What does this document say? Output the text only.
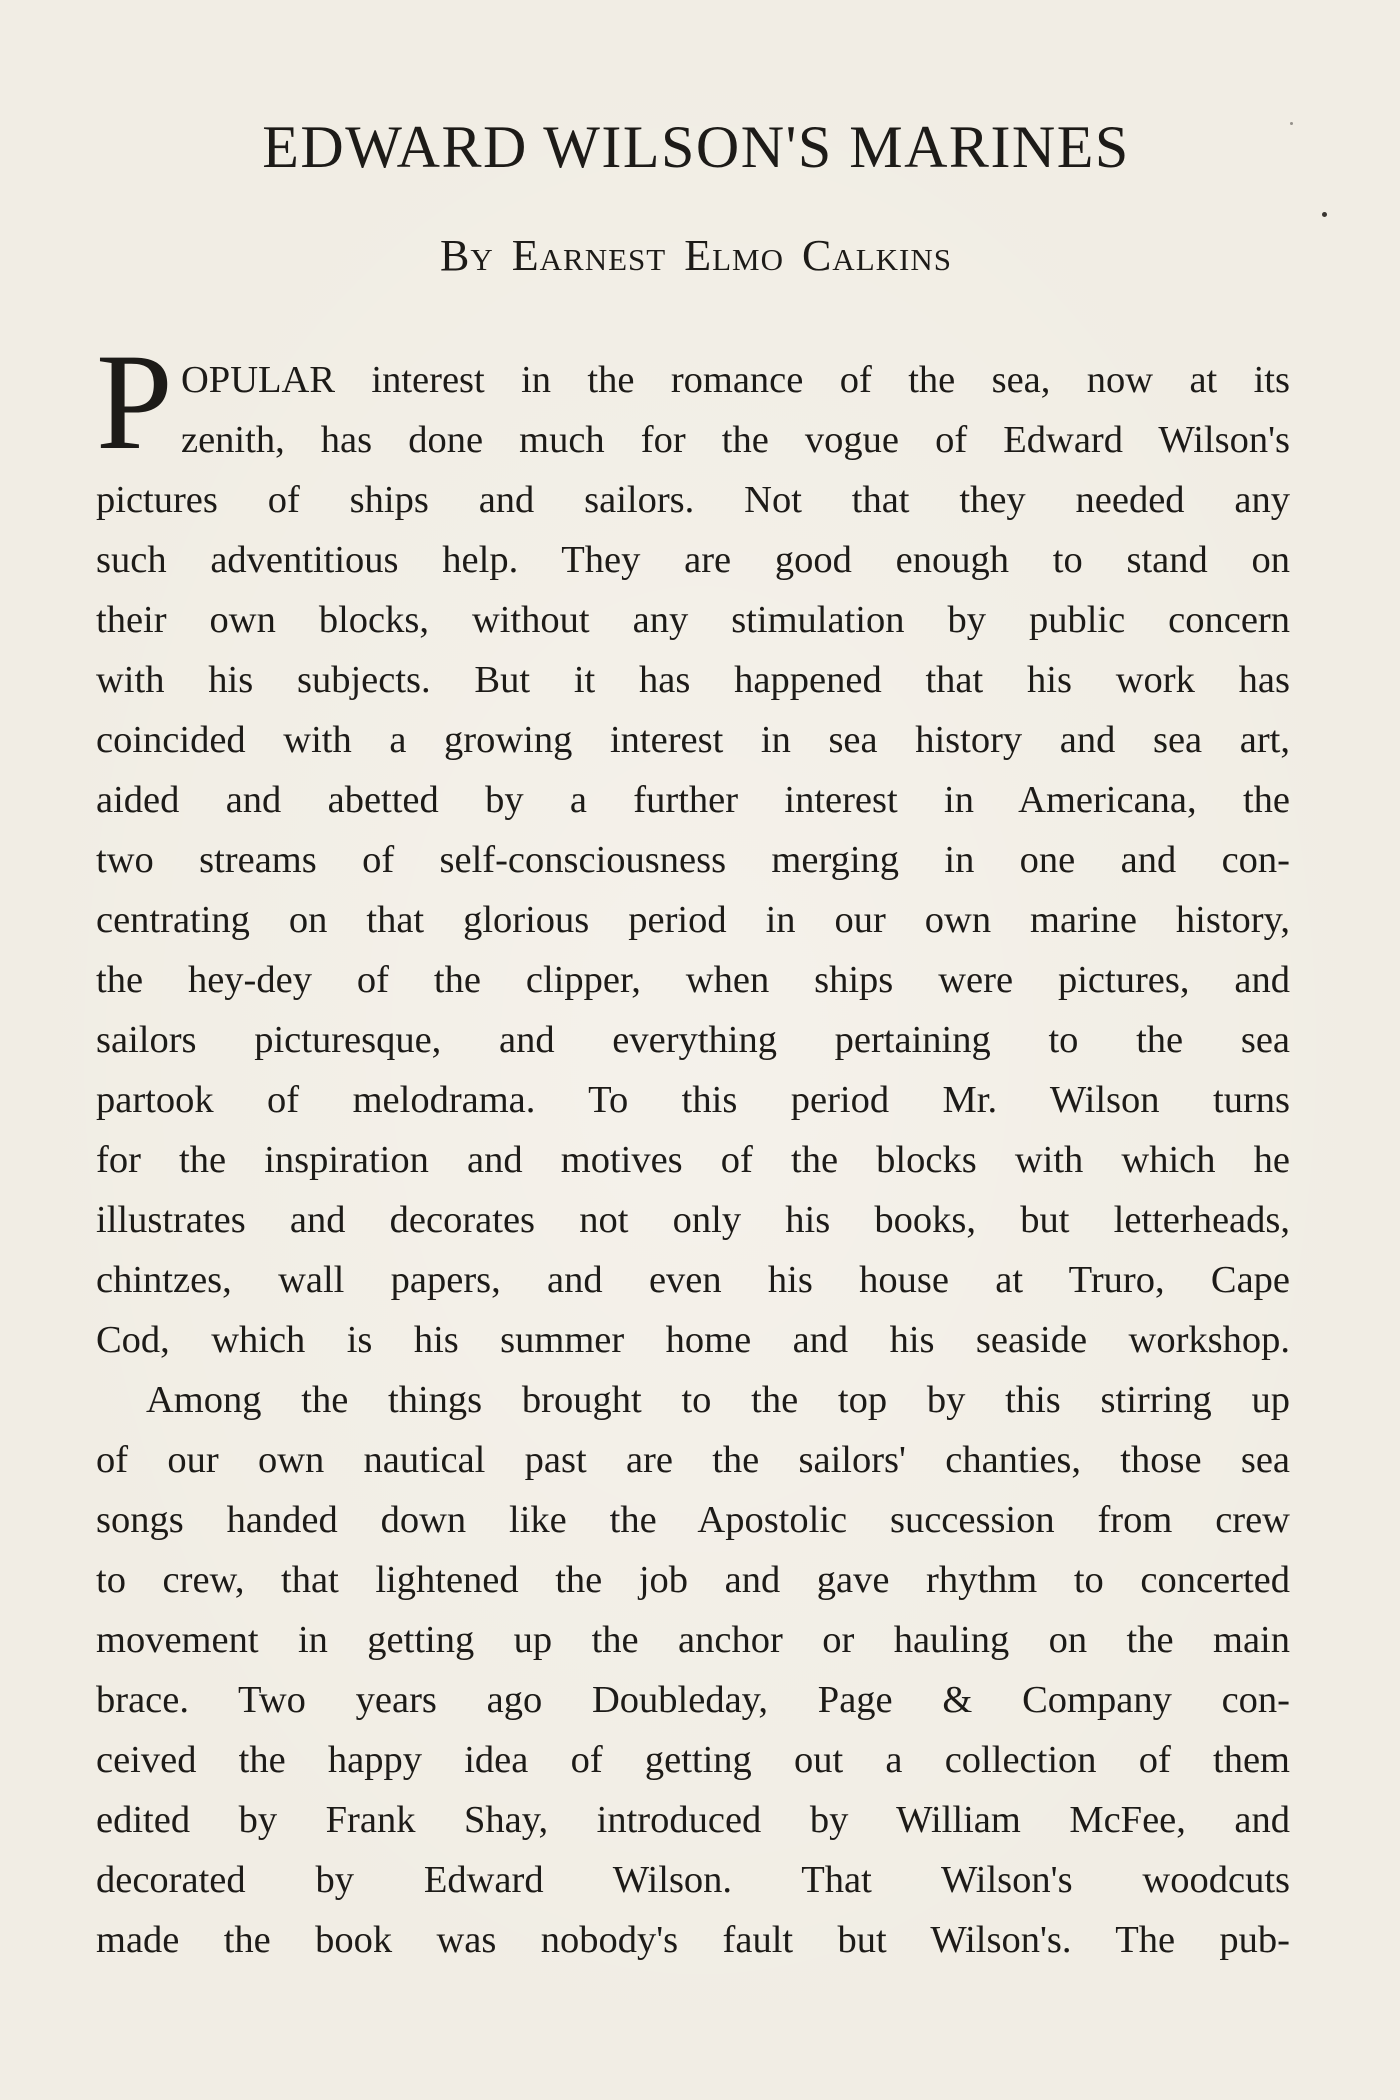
EDWARD WILSON'S MARINES
By Earnest Elmo Calkins
P OPULAR interest in the romance of the sea, now at its
zenith, has done much for the vogue of Edward Wilson's
pictures of ships and sailors. Not that they needed any
such adventitious help. They are good enough to stand on
their own blocks, without any stimulation by public concern
with his subjects. But it has happened that his work has
coincided with a growing interest in sea history and sea art,
aided and abetted by a further interest in Americana, the
two streams of self-consciousness merging in one and con-
centrating on that glorious period in our own marine history,
the hey-dey of the clipper, when ships were pictures, and
sailors picturesque, and everything pertaining to the sea
partook of melodrama. To this period Mr. Wilson turns
for the inspiration and motives of the blocks with which he
illustrates and decorates not only his books, but letterheads,
chintzes, wall papers, and even his house at Truro, Cape
Cod, which is his summer home and his seaside workshop.
Among the things brought to the top by this stirring up
of our own nautical past are the sailors' chanties, those sea
songs handed down like the Apostolic succession from crew
to crew, that lightened the job and gave rhythm to concerted
movement in getting up the anchor or hauling on the main
brace. Two years ago Doubleday, Page & Company con-
ceived the happy idea of getting out a collection of them
edited by Frank Shay, introduced by William McFee, and
decorated by Edward Wilson. That Wilson's woodcuts
made the book was nobody's fault but Wilson's. The pub-
